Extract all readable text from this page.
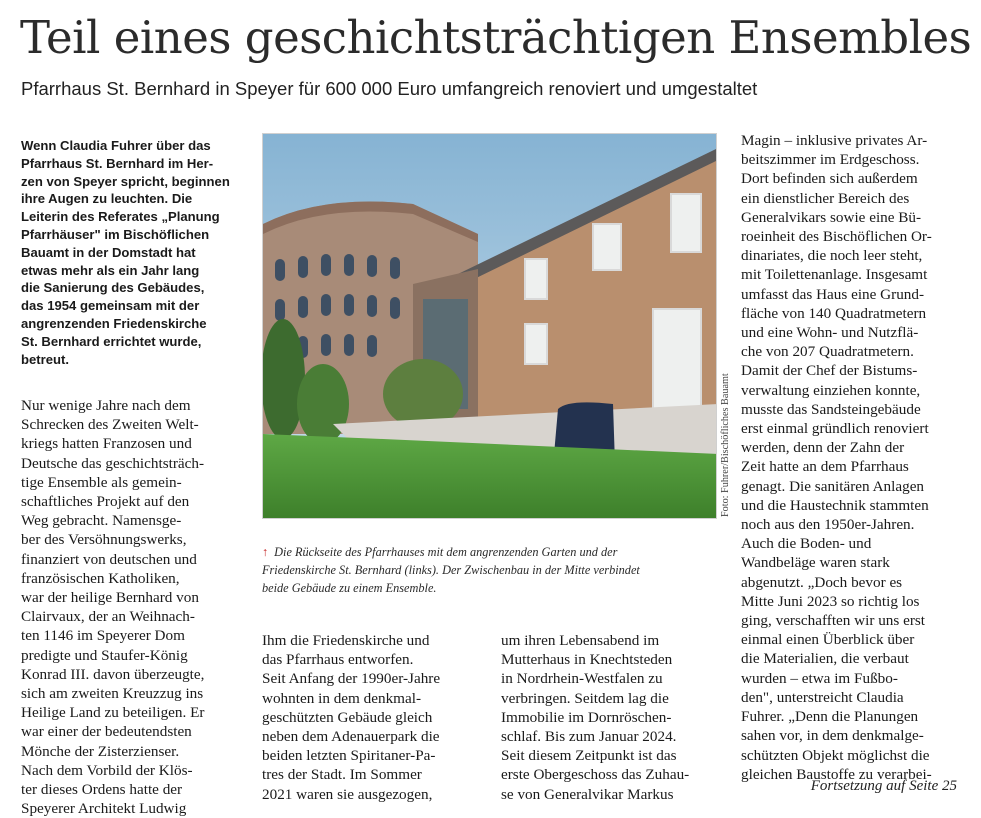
Teil eines geschichtsträchtigen Ensembles

Pfarrhaus St. Bernhard in Speyer für 600 000 Euro umfangreich renoviert und umgestaltet

Wenn Claudia Fuhrer über das
Pfarrhaus St. Bernhard im Her-
zen von Speyer spricht, beginnen
ihre Augen zu leuchten. Die
Leiterin des Referates „Planung
Pfarrhäuser" im Bischöflichen
Bauamt in der Domstadt hat
etwas mehr als ein Jahr lang
die Sanierung des Gebäudes,
das 1954 gemeinsam mit der
angrenzenden Friedenskirche
St. Bernhard errichtet wurde,
betreut.
Nur wenige Jahre nach dem
Schrecken des Zweiten Welt-
kriegs hatten Franzosen und
Deutsche das geschichtsträch-
tige Ensemble als gemein-
schaftliches Projekt auf den
Weg gebracht. Namensge-
ber des Versöhnungswerks,
finanziert von deutschen und
französischen Katholiken,
war der heilige Bernhard von
Clairvaux, der an Weihnach-
ten 1146 im Speyerer Dom
predigte und Staufer-König
Konrad III. davon überzeugte,
sich am zweiten Kreuzzug ins
Heilige Land zu beteiligen. Er
war einer der bedeutendsten
Mönche der Zisterzienser.
Nach dem Vorbild der Klös-
ter dieses Ordens hatte der
Speyerer Architekt Ludwig
Ihm die Friedenskirche und
das Pfarrhaus entworfen.
Seit Anfang der 1990er-Jahre
wohnten in dem denkmal-
geschützten Gebäude gleich
neben dem Adenauerpark die
beiden letzten Spiritaner-Pa-
tres der Stadt. Im Sommer
2021 waren sie ausgezogen,
um ihren Lebensabend im
Mutterhaus in Knechtsteden
in Nordrhein-Westfalen zu
verbringen. Seitdem lag die
Immobilie im Dornröschen-
schlaf. Bis zum Januar 2024.
Seit diesem Zeitpunkt ist das
erste Obergeschoss das Zuhau-
se von Generalvikar Markus
Magin – inklusive privates Ar-
beitszimmer im Erdgeschoss.
Dort befinden sich außerdem
ein dienstlicher Bereich des
Generalvikars sowie eine Bü-
roeinheit des Bischöflichen Or-
dinariates, die noch leer steht,
mit Toilettenanlage. Insgesamt
umfasst das Haus eine Grund-
fläche von 140 Quadratmetern
und eine Wohn- und Nutzflä-
che von 207 Quadratmetern.
Damit der Chef der Bistums-
verwaltung einziehen konnte,
musste das Sandsteingebäude
erst einmal gründlich renoviert
werden, denn der Zahn der
Zeit hatte an dem Pfarrhaus
genagt. Die sanitären Anlagen
und die Haustechnik stammten
noch aus den 1950er-Jahren.
Auch die Boden- und
Wandbeläge waren stark
abgenutzt. „Doch bevor es
Mitte Juni 2023 so richtig los
ging, verschafften wir uns erst
einmal einen Überblick über
die Materialien, die verbaut
wurden – etwa im Fußbo-
den", unterstreicht Claudia
Fuhrer. „Denn die Planungen
sahen vor, in dem denkmalge-
schützten Objekt möglichst die
gleichen Baustoffe zu verarbei-
Foto: Fuhrer/Bischöfliches Bauamt
↑ Die Rückseite des Pfarrhauses mit dem angrenzenden Garten und der
Friedenskirche St. Bernhard (links). Der Zwischenbau in der Mitte verbindet
beide Gebäude zu einem Ensemble.
Fortsetzung auf Seite 25
